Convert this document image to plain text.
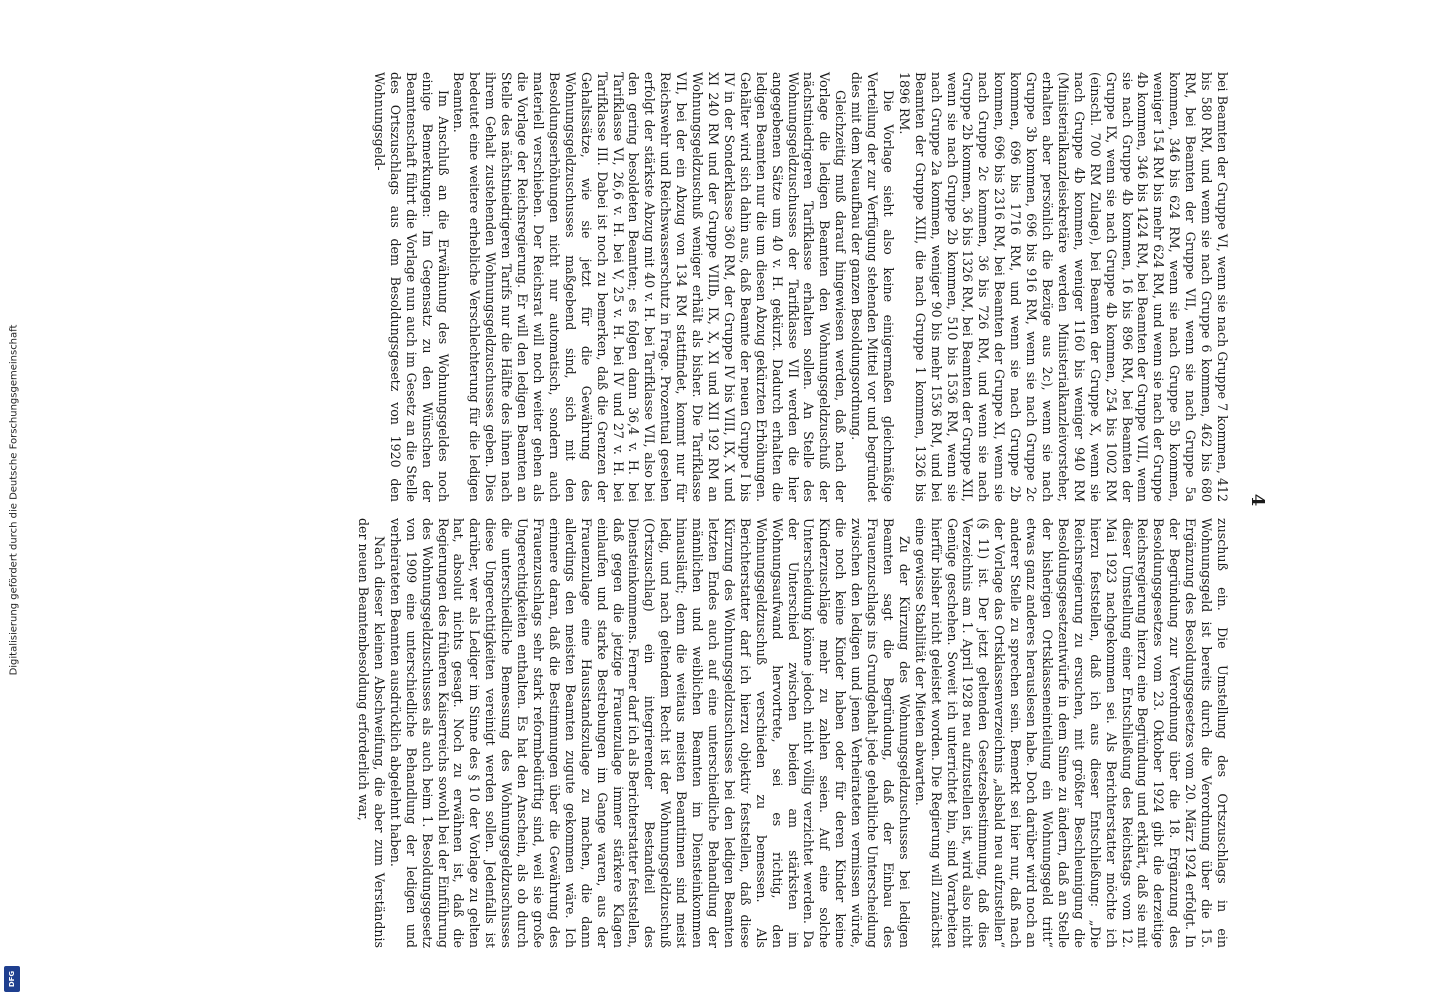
4

bei Beamten der Gruppe VI, wenn sie nach Gruppe 7 kommen, 412 bis 580 RM, und wenn sie nach Gruppe 6 kommen, 462 bis 680 RM, bei Beamten der Gruppe VII, wenn sie nach Gruppe 5a kommen, 346 bis 624 RM, wenn sie nach Gruppe 5b kommen, weniger 154 RM bis mehr 624 RM, und wenn sie nach der Gruppe 4b kommen, 346 bis 1424 RM, bei Beamten der Gruppe VIII, wenn sie nach Gruppe 4b kommen, 16 bis 896 RM, bei Beamten der Gruppe IX, wenn sie nach Gruppe 4b kommen, 254 bis 1002 RM (einschl. 700 RM Zulage), bei Beamten der Gruppe X, wenn sie nach Gruppe 4b kommen, weniger 1160 bis weniger 940 RM (Ministerialkanzleisekretäre werden Ministerialkanzleivorsteher, erhalten aber persönlich die Bezüge aus 2c), wenn sie nach Gruppe 3b kommen, 696 bis 916 RM, wenn sie nach Gruppe 2c kommen, 696 bis 1716 RM, und wenn sie nach Gruppe 2b kommen, 696 bis 2316 RM, bei Beamten der Gruppe XI, wenn sie nach Gruppe 2c kommen, 36 bis 726 RM, und wenn sie nach Gruppe 2b kommen, 36 bis 1326 RM, bei Beamten der Gruppe XII, wenn sie nach Gruppe 2b kommen, 510 bis 1536 RM, wenn sie nach Gruppe 2a kommen, weniger 90 bis mehr 1536 RM, und bei Beamten der Gruppe XIII, die nach Gruppe 1 kommen, 1326 bis 1896 RM.

Die Vorlage sieht also keine einigermaßen gleichmäßige Verteilung der zur Verfügung stehenden Mittel vor und begründet dies mit dem Neuaufbau der ganzen Besoldungsordnung.

Gleichzeitig muß darauf hingewiesen werden, daß nach der Vorlage die ledigen Beamten den Wohnungsgeldzuschuß der nächstniedrigeren Tarifklasse erhalten sollen. An Stelle des Wohnungsgeldzuschusses der Tarifklasse VII werden die hier angegebenen Sätze um 40 v. H. gekürzt. Dadurch erhalten die ledigen Beamten nur die um diesen Abzug gekürzten Erhöhungen. Gehälter wird sich dahin aus, daß Beamte der neuen Gruppe I bis IV in der Sonderklasse 360 RM, der Gruppe IV bis VIII, IX, X und XI 240 RM und der Gruppe VIIIb, IX, X, XI und XII 192 RM an Wohnungsgeldzuschuß weniger erhält als bisher. Die Tarifklasse VII, bei der ein Abzug von 134 RM stattfindet, kommt nur für Reichswehr und Reichswasserschutz in Frage. Prozentual gesehen erfolgt der stärkste Abzug mit 40 v. H. bei Tarifklasse VII, also bei den gering besoldeten Beamten; es folgen dann 36,4 v. H. bei Tarifklasse VI, 26,6 v. H. bei V, 25 v. H. bei IV und 27 v. H. bei Tarifklasse III. Dabei ist noch zu bemerken, daß die Grenzen der Gehaltssätze, wie sie jetzt für die Gewährung des Wohnungsgeldzuschusses maßgebend sind, sich mit den Besoldungserhöhungen nicht nur automatisch, sondern auch materiell verschieben. Der Reichsrat will noch weiter gehen als die Vorlage der Reichsregierung. Er will den ledigen Beamten an Stelle des nächstniedrigeren Tarifs nur die Hälfte des ihnen nach ihrem Gehalt zustehenden Wohnungsgeldzuschusses geben. Dies bedeutet eine weitere erhebliche Verschlechterung für die ledigen Beamten.

Im Anschluß an die Erwähnung des Wohnungsgeldes noch einige Bemerkungen: Im Gegensatz zu den Wünschen der Beamtenschaft führt die Vorlage nun auch im Gesetz an die Stelle des Ortszuschlags aus dem Besoldungsgesetz von 1920 den Wohnungsgeld-

zuschuß ein. Die Umstellung des Ortszuschlags in ein Wohnungsgeld ist bereits durch die Verordnung über die 15. Ergänzung des Besoldungsgesetzes vom 20. März 1924 erfolgt. In der Begründung zur Verordnung über die 18. Ergänzung des Besoldungsgesetzes vom 23. Oktober 1924 gibt die derzeitige Reichsregierung hierzu eine Begründung und erklärt, daß sie mit dieser Umstellung einer Entschließung des Reichstags vom 12. Mai 1923 nachgekommen sei. Als Berichterstatter möchte ich hierzu feststellen, daß ich aus dieser Entschließung: „Die Reichsregierung zu ersuchen, mit größter Beschleunigung die Besoldungsgesetzentwürfe in dem Sinne zu ändern, daß an Stelle der bisherigen Ortsklasseneinteilung ein Wohnungsgeld tritt“ etwas ganz anderes herauslesen habe. Doch darüber wird noch an anderer Stelle zu sprechen sein. Bemerkt sei hier nur, daß nach der Vorlage das Ortsklassenverzeichnis „alsbald neu aufzustellen“ (§ 11) ist. Der jetzt geltenden Gesetzesbestimmung, daß dies Verzeichnis am 1. April 1928 neu aufzustellen ist, wird also nicht Genüge geschehen. Soweit ich unterrichtet bin, sind Vorarbeiten hierfür bisher nicht geleistet worden. Die Regierung will zunächst eine gewisse Stabilität der Mieten abwarten.

Zu der Kürzung des Wohnungsgeldzuschusses bei ledigen Beamten sagt die Begründung, daß der Einbau des Frauenzuschlags ins Grundgehalt jede gehaltliche Unterscheidung zwischen den ledigen und jenen Verheirateten vermissen würde, die noch keine Kinder haben oder für deren Kinder keine Kinderzuschläge mehr zu zahlen seien. Auf eine solche Unterscheidung könne jedoch nicht völlig verzichtet werden. Da der Unterschied zwischen beiden am stärksten im Wohnungsaufwand hervortrete, sei es richtig, den Wohnungsgeldzuschuß verschieden zu bemessen. Als Berichterstatter darf ich hierzu objektiv feststellen, daß diese Kürzung des Wohnungsgeldzuschusses bei den ledigen Beamten letzten Endes auch auf eine unterschiedliche Behandlung der männlichen und weiblichen Beamten im Diensteinkommen hinausläuft; denn die weitaus meisten Beamtinnen sind meist ledig, und nach geltendem Recht ist der Wohnungsgeldzuschuß (Ortszuschlag) ein integrierender Bestandteil des Diensteinkommens. Ferner darf ich als Berichterstatter feststellen, daß gegen die jetzige Frauenzulage immer stärkere Klagen einlaufen und starke Bestrebungen im Gange waren, aus der Frauenzulage eine Hausstandszulage zu machen, die dann allerdings den meisten Beamten zugute gekommen wäre. Ich erinnere daran, daß die Bestimmungen über die Gewährung des Frauenzuschlags sehr stark reformbedürftig sind, weil sie große Ungerechtigkeiten enthalten. Es hat den Anschein, als ob durch die unterschiedliche Bemessung des Wohnungsgeldzuschusses diese Ungerechtigkeiten vereinigt werden sollen. Jedenfalls ist darüber, wer als Lediger im Sinne des § 10 der Vorlage zu gelten hat, absolut nichts gesagt. Noch zu erwähnen ist, daß die Regierungen des früheren Kaiserreichs sowohl bei der Einführung des Wohnungsgeldzuschusses als auch beim 1. Besoldungsgesetz von 1909 eine unterschiedliche Behandlung der ledigen und verheirateten Beamten ausdrücklich abgelehnt haben.

Nach dieser kleinen Abschweifung, die aber zum Verständnis der neuen Beamtenbesoldung erforderlich war,

Digitalisierung gefördert durch die Deutsche Forschungsgemeinschaft
DFG
